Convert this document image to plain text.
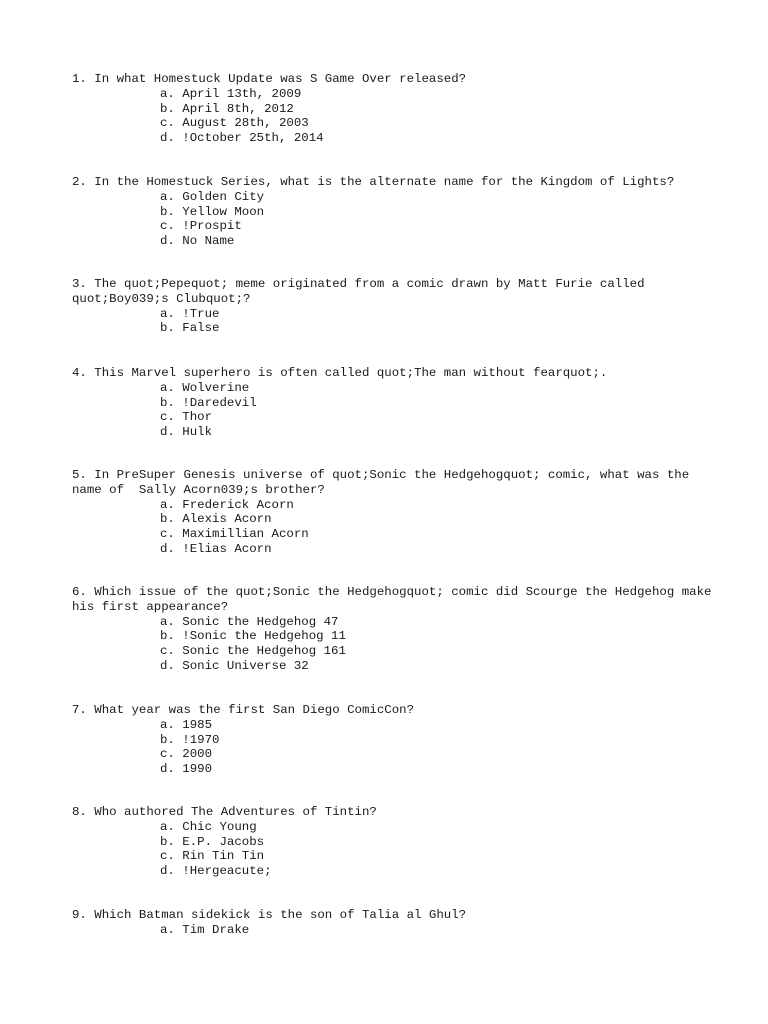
1. In what Homestuck Update was S Game Over released?

a. April 13th, 2009
b. April 8th, 2012
c. August 28th, 2003
d. !October 25th, 2014

2. In the Homestuck Series, what is the alternate name for the Kingdom of Lights?

a. Golden City
b. Yellow Moon
c. !Prospit
d. No Name

3. The quot;Pepequot; meme originated from a comic drawn by Matt Furie called quot;Boy039;s Clubquot;?

a. !True
b. False

4. This Marvel superhero is often called quot;The man without fearquot;.

a. Wolverine
b. !Daredevil
c. Thor
d. Hulk

5. In PreSuper Genesis universe of quot;Sonic the Hedgehogquot; comic, what was the name of  Sally Acorn039;s brother?

a. Frederick Acorn
b. Alexis Acorn
c. Maximillian Acorn
d. !Elias Acorn

6. Which issue of the quot;Sonic the Hedgehogquot; comic did Scourge the Hedgehog make his first appearance?

a. Sonic the Hedgehog 47
b. !Sonic the Hedgehog 11
c. Sonic the Hedgehog 161
d. Sonic Universe 32

7. What year was the first San Diego ComicCon?

a. 1985
b. !1970
c. 2000
d. 1990

8. Who authored The Adventures of Tintin?

a. Chic Young
b. E.P. Jacobs
c. Rin Tin Tin
d. !Hergeacute;

9. Which Batman sidekick is the son of Talia al Ghul?

a. Tim Drake
